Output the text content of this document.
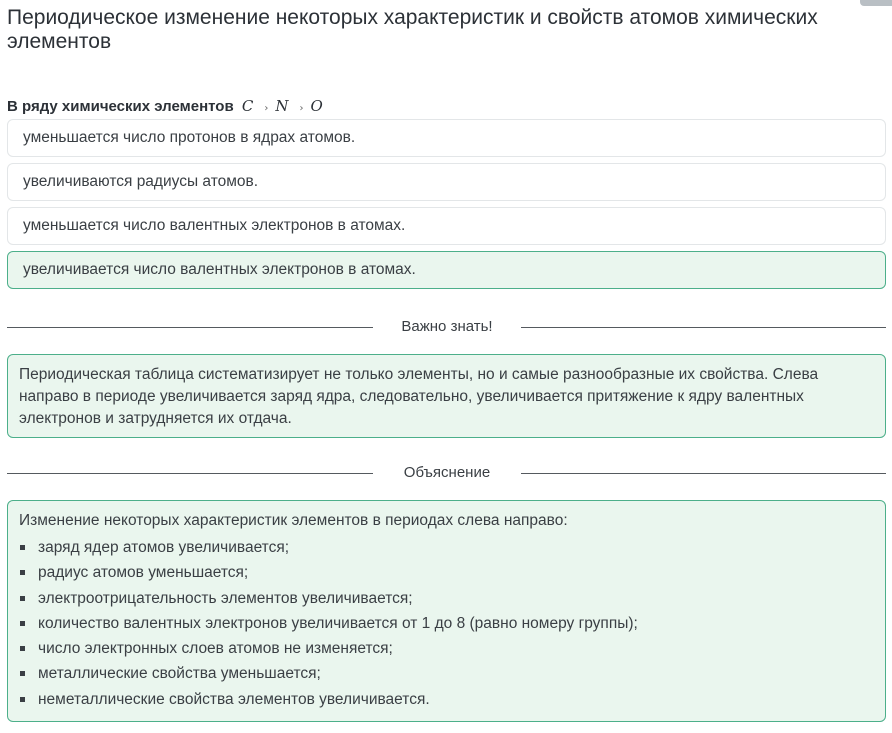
Периодическое изменение некоторых характеристик и свойств атомов химических элементов
В ряду химических элементов C › N › O
уменьшается число протонов в ядрах атомов.
увеличиваются радиусы атомов.
уменьшается число валентных электронов в атомах.
увеличивается число валентных электронов в атомах.
Важно знать!

Периодическая таблица систематизирует не только элементы, но и самые разнообразные их свойства. Слева направо в периоде увеличивается заряд ядра, следовательно, увеличивается притяжение к ядру валентных электронов и затрудняется их отдача.

Объяснение

Изменение некоторых характеристик элементов в периодах слева направо:

заряд ядер атомов увеличивается;
радиус атомов уменьшается;
электроотрицательность элементов увеличивается;
количество валентных электронов увеличивается от 1 до 8 (равно номеру группы);
число электронных слоев атомов не изменяется;
металлические свойства уменьшается;
неметаллические свойства элементов увеличивается.
